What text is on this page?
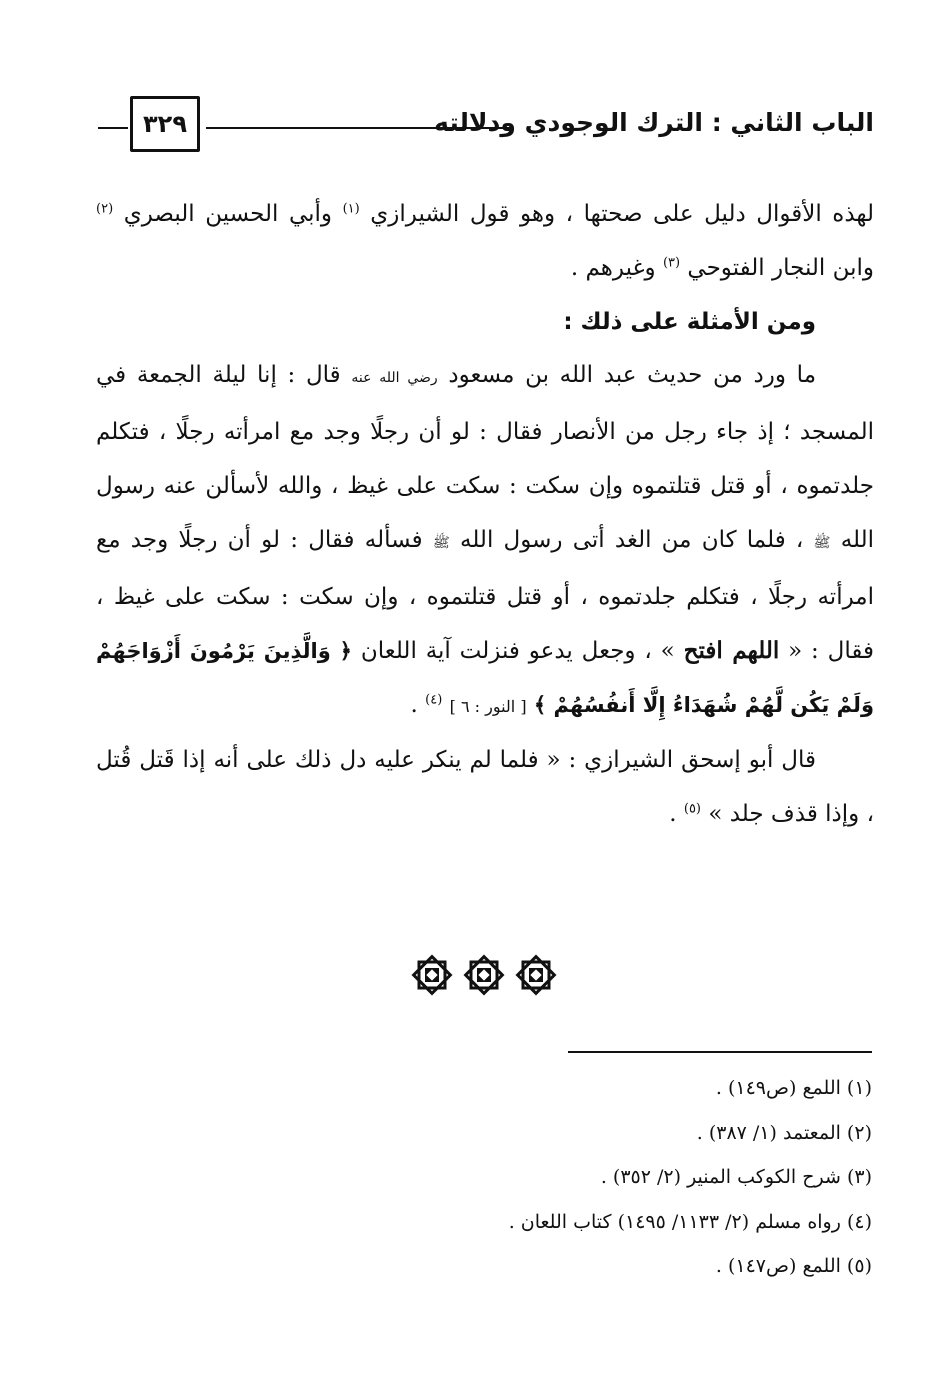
الباب الثاني : الترك الوجودي ودلالته
٣٢٩

لهذه الأقوال دليل على صحتها ، وهو قول الشيرازي $^{(١)}$ وأبي الحسين البصري $^{(٢)}$ وابن النجار الفتوحي $^{(٣)}$ وغيرهم .

ومن الأمثلة على ذلك :

ما ورد من حديث عبد الله بن مسعود رضي الله عنه قال : إنا ليلة الجمعة في المسجد ؛ إذ جاء رجل من الأنصار فقال : لو أن رجلًا وجد مع امرأته رجلًا ، فتكلم جلدتموه ، أو قتل قتلتموه وإن سكت : سكت على غيظ ، والله لأسألن عنه رسول الله ﷺ ، فلما كان من الغد أتى رسول الله ﷺ فسأله فقال : لو أن رجلًا وجد مع امرأته رجلًا ، فتكلم جلدتموه ، أو قتل قتلتموه ، وإن سكت : سكت على غيظ ، فقال : « اللهم افتح » ، وجعل يدعو فنزلت آية اللعان ﴿ وَالَّذِينَ يَرْمُونَ أَزْوَاجَهُمْ وَلَمْ يَكُن لَّهُمْ شُهَدَاءُ إِلَّا أَنفُسُهُمْ ﴾ [ النور : ٦ ] $^{(٤)}$ .

قال أبو إسحق الشيرازي : « فلما لم ينكر عليه دل ذلك على أنه إذا قَتل قُتل ، وإذا قذف جلد » $^{(٥)}$ .

(١) اللمع (ص١٤٩) .

(٢) المعتمد (١/ ٣٨٧) .

(٣) شرح الكوكب المنير (٢/ ٣٥٢) .

(٤) رواه مسلم (٢/ ١١٣٣/ ١٤٩٥) كتاب اللعان .

(٥) اللمع (ص١٤٧) .
